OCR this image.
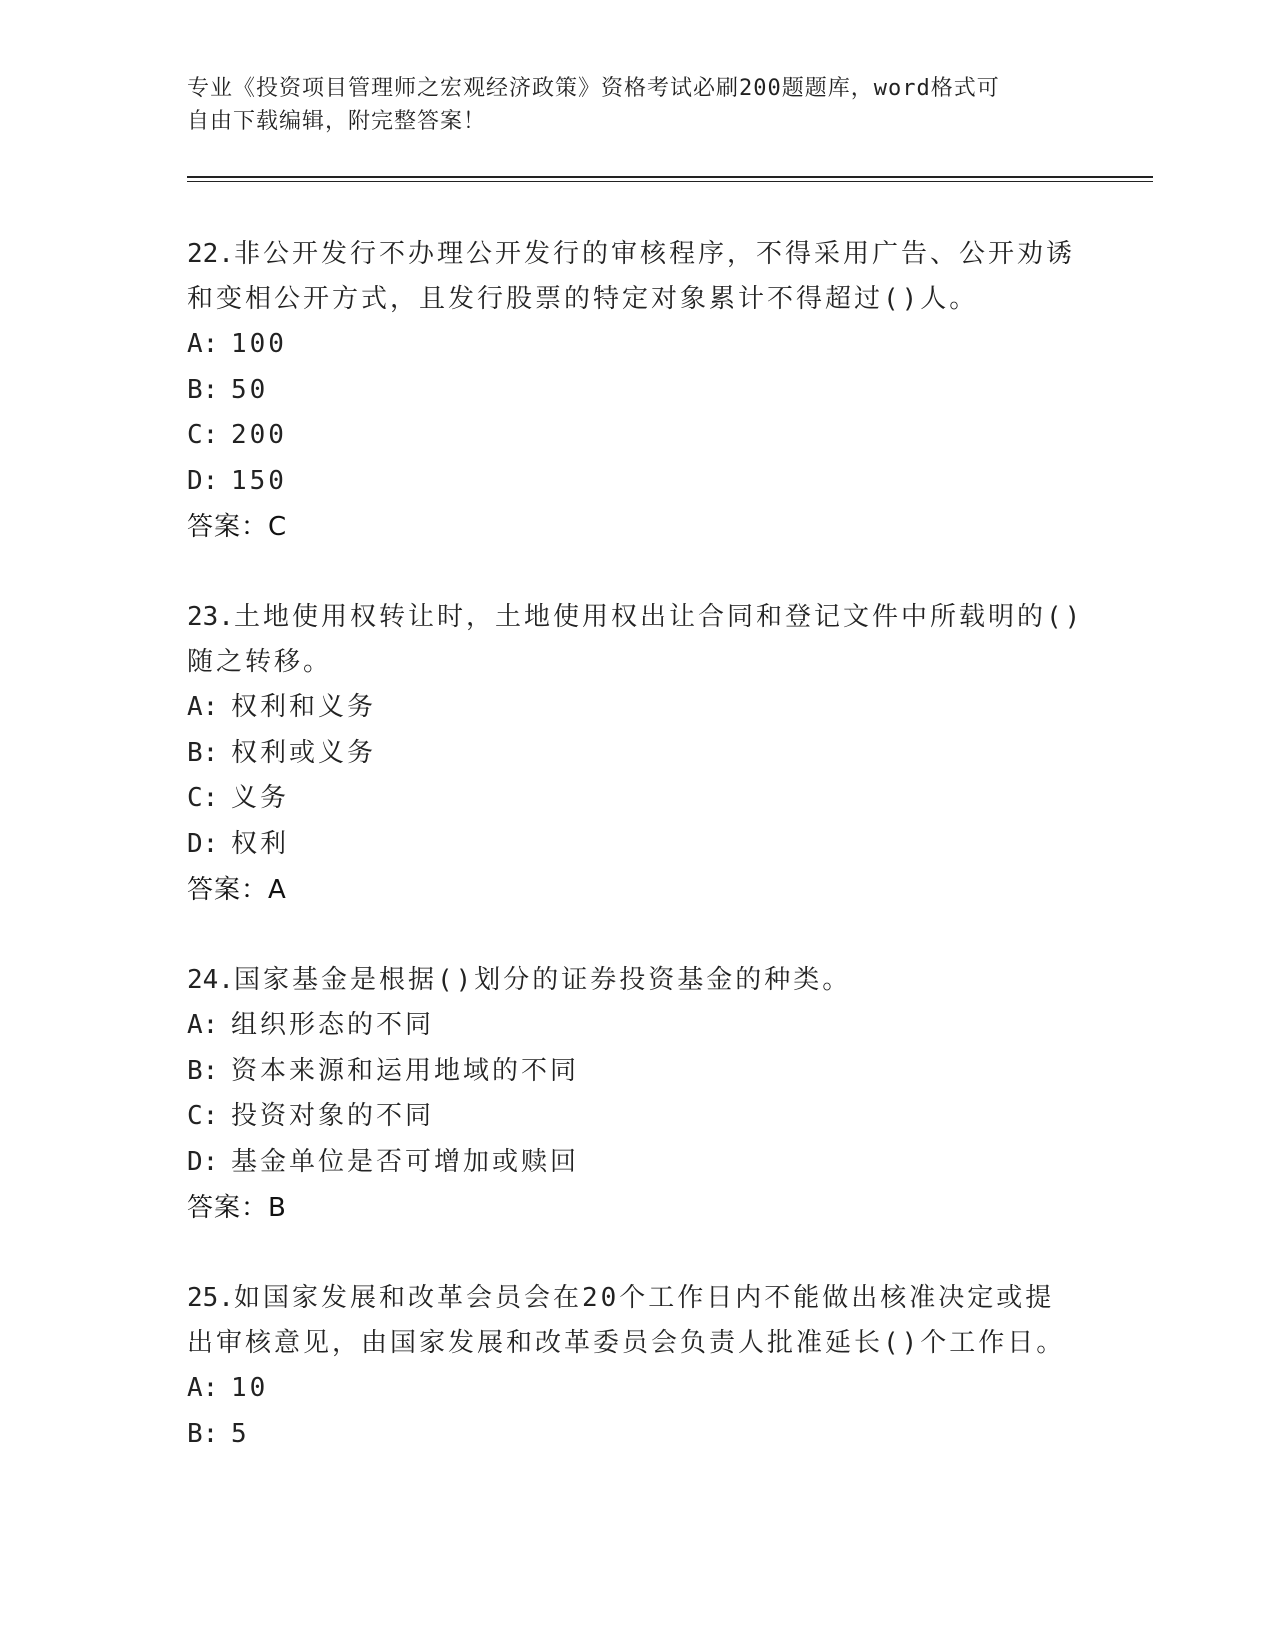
专业《投资项目管理师之宏观经济政策》资格考试必刷200题题库，word格式可
自由下载编辑，附完整答案！
22.非公开发行不办理公开发行的审核程序，不得采用广告、公开劝诱
和变相公开方式，且发行股票的特定对象累计不得超过()人。
A: 100
B: 50
C: 200
D: 150
答案：C
23.土地使用权转让时，土地使用权出让合同和登记文件中所载明的()
随之转移。
A: 权利和义务
B: 权利或义务
C: 义务
D: 权利
答案：A
24.国家基金是根据()划分的证券投资基金的种类。
A: 组织形态的不同
B: 资本来源和运用地域的不同
C: 投资对象的不同
D: 基金单位是否可增加或赎回
答案：B
25.如国家发展和改革会员会在20个工作日内不能做出核准决定或提
出审核意见，由国家发展和改革委员会负责人批准延长()个工作日。
A: 10
B: 5
